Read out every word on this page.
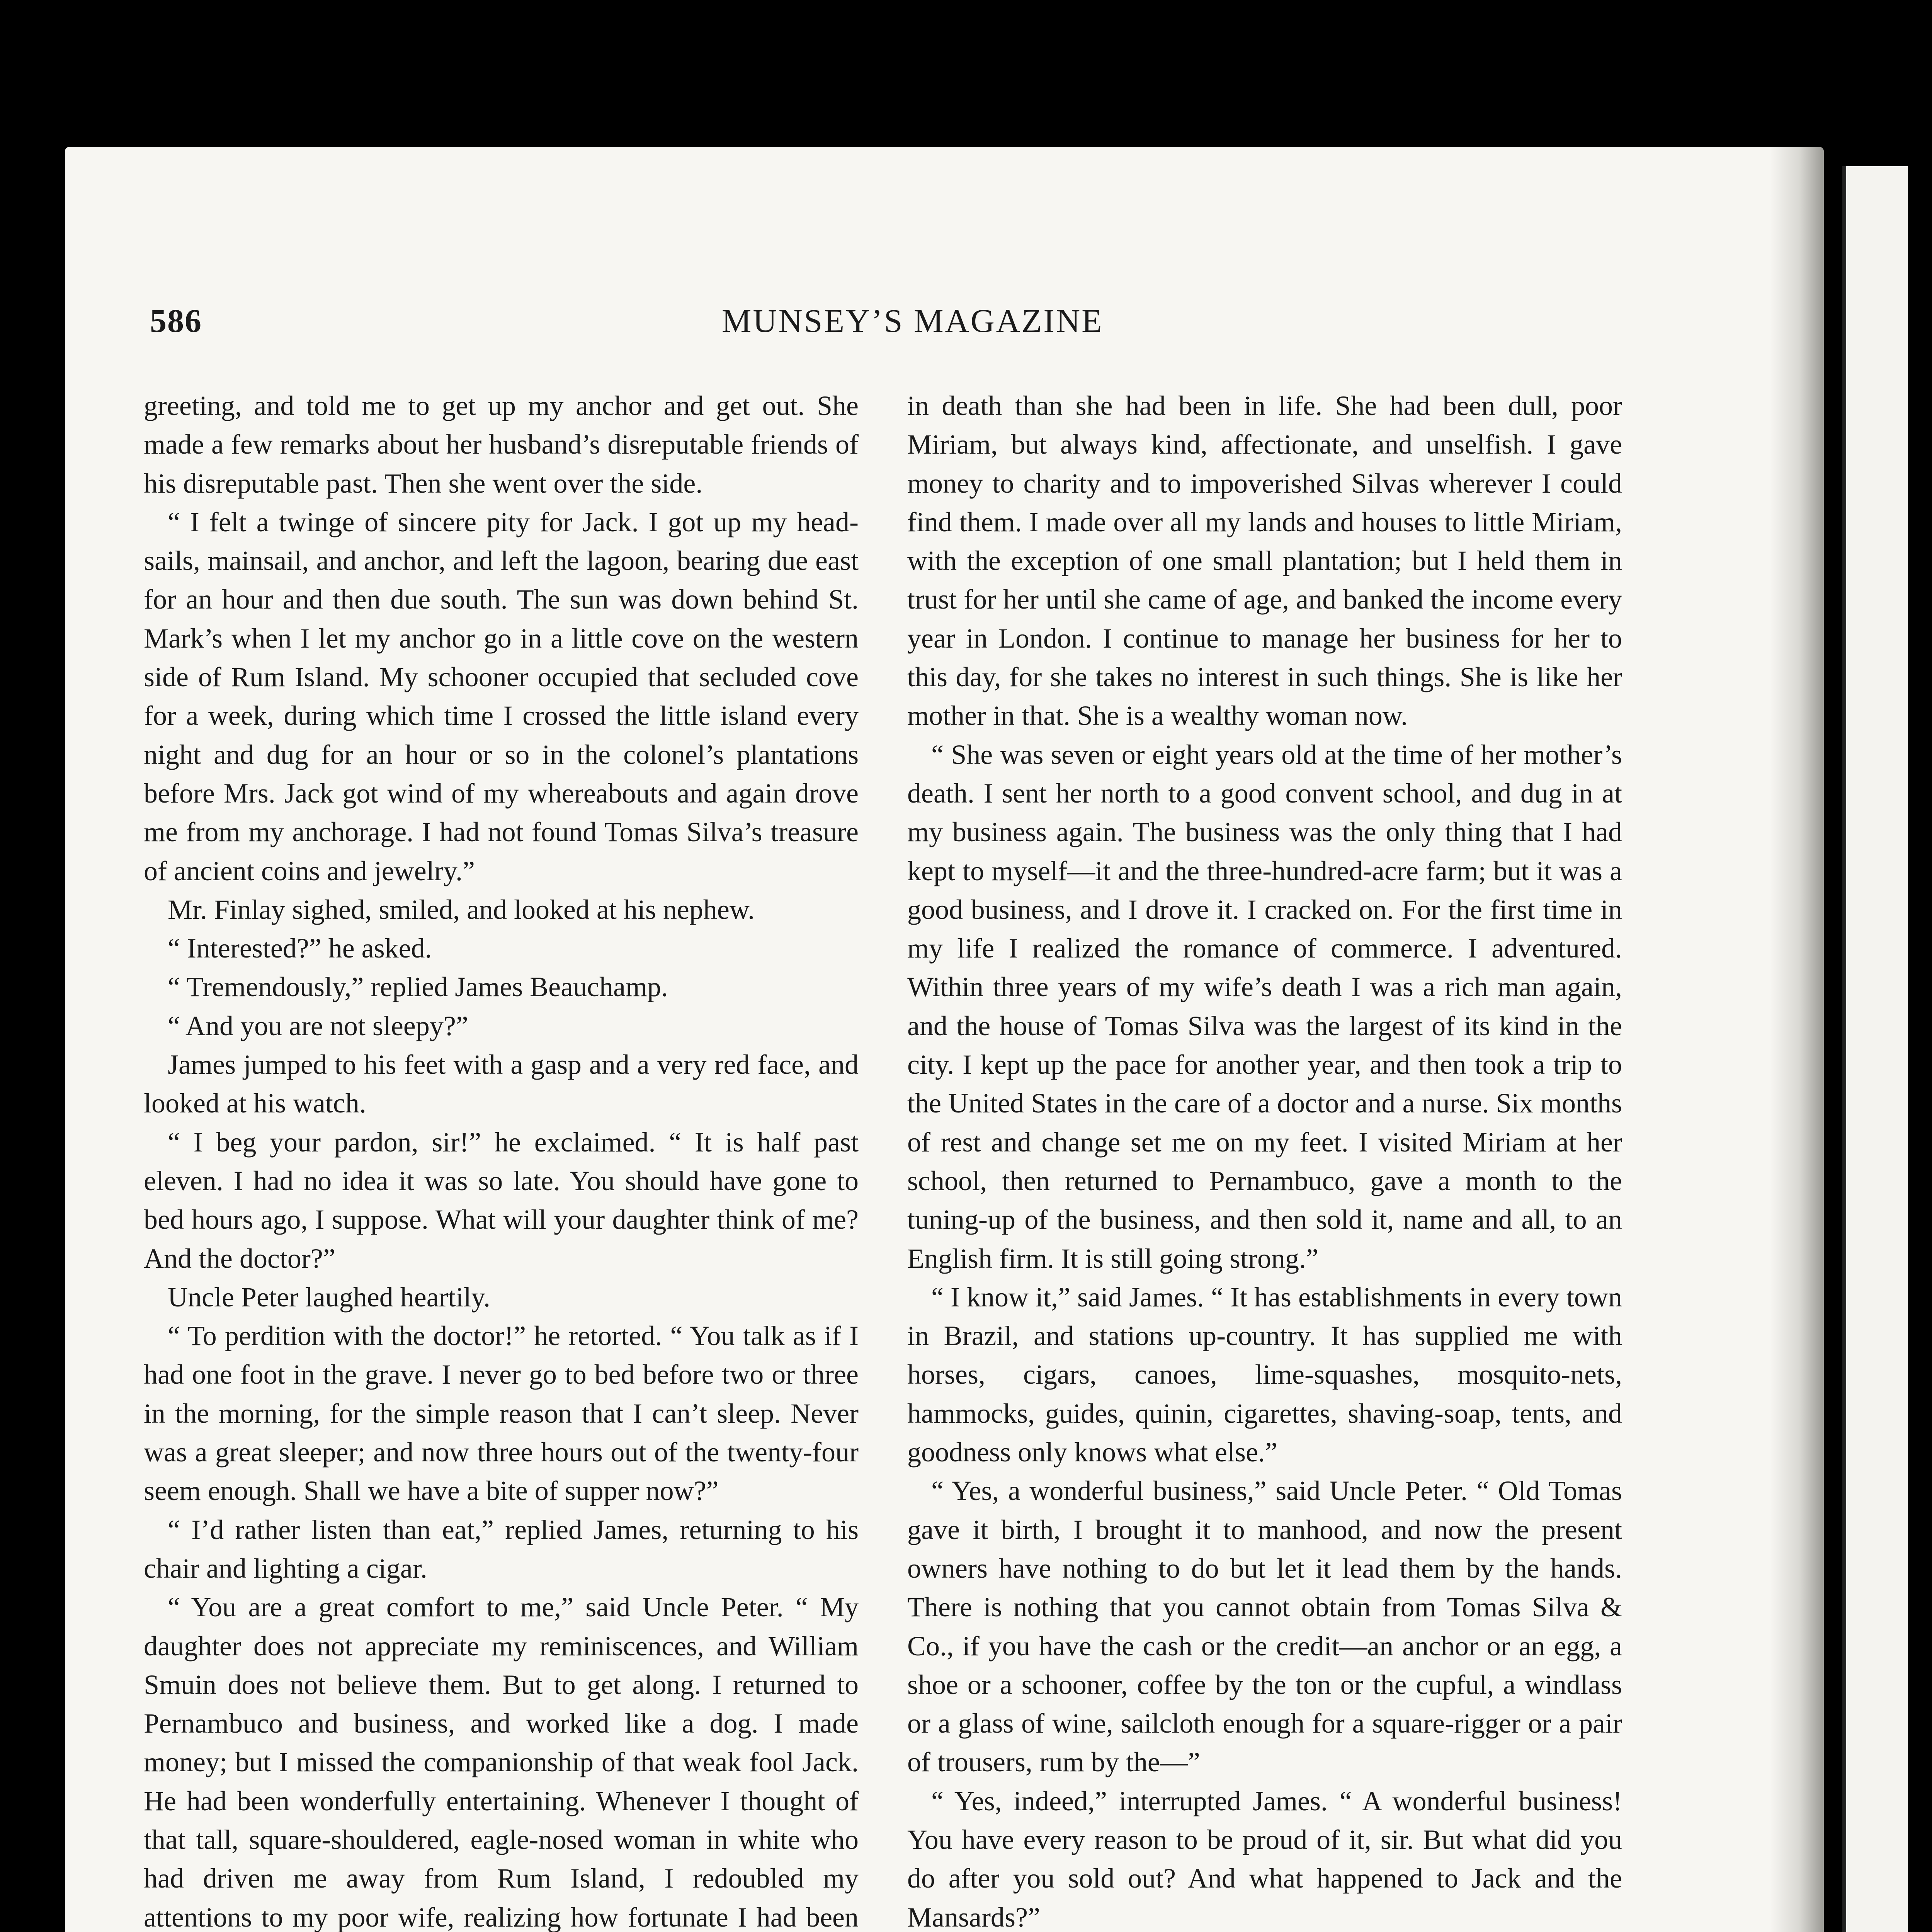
586	MUNSEY’S MAGAZINE

greeting, and told me to get up my anchor and get out. She made a few remarks about her husband’s disreputable friends of his disreputable past. Then she went over the side.

“ I felt a twinge of sincere pity for Jack. I got up my head-sails, mainsail, and anchor, and left the lagoon, bearing due east for an hour and then due south. The sun was down behind St. Mark’s when I let my anchor go in a little cove on the western side of Rum Island. My schooner occupied that secluded cove for a week, during which time I crossed the little island every night and dug for an hour or so in the colonel’s plantations before Mrs. Jack got wind of my whereabouts and again drove me from my anchorage. I had not found Tomas Silva’s treasure of ancient coins and jewelry.”

Mr. Finlay sighed, smiled, and looked at his nephew.

“ Interested?” he asked.

“ Tremendously,” replied James Beauchamp.

“ And you are not sleepy?”

James jumped to his feet with a gasp and a very red face, and looked at his watch.

“ I beg your pardon, sir!” he exclaimed. “ It is half past eleven. I had no idea it was so late. You should have gone to bed hours ago, I suppose. What will your daughter think of me? And the doctor?”

Uncle Peter laughed heartily.

“ To perdition with the doctor!” he retorted. “ You talk as if I had one foot in the grave. I never go to bed before two or three in the morning, for the simple reason that I can’t sleep. Never was a great sleeper; and now three hours out of the twenty-four seem enough. Shall we have a bite of supper now?”

“ I’d rather listen than eat,” replied James, returning to his chair and lighting a cigar.

“ You are a great comfort to me,” said Uncle Peter. “ My daughter does not appreciate my reminiscences, and William Smuin does not believe them. But to get along. I returned to Pernambuco and business, and worked like a dog. I made money; but I missed the companionship of that weak fool Jack. He had been wonderfully entertaining. Whenever I thought of that tall, square-shouldered, eagle-nosed woman in white who had driven me away from Rum Island, I redoubled my attentions to my poor wife, realizing how fortunate I had been

in death than she had been in life. She had been dull, poor Miriam, but always kind, affectionate, and unselfish. I gave money to charity and to impoverished Silvas wherever I could find them. I made over all my lands and houses to little Miriam, with the exception of one small plantation; but I held them in trust for her until she came of age, and banked the income every year in London. I continue to manage her business for her to this day, for she takes no interest in such things. She is like her mother in that. She is a wealthy woman now.

“ She was seven or eight years old at the time of her mother’s death. I sent her north to a good convent school, and dug in at my business again. The business was the only thing that I had kept to myself—it and the three-hundred-acre farm; but it was a good business, and I drove it. I cracked on. For the first time in my life I realized the romance of commerce. I adventured. Within three years of my wife’s death I was a rich man again, and the house of Tomas Silva was the largest of its kind in the city. I kept up the pace for another year, and then took a trip to the United States in the care of a doctor and a nurse. Six months of rest and change set me on my feet. I visited Miriam at her school, then returned to Pernambuco, gave a month to the tuning-up of the business, and then sold it, name and all, to an English firm. It is still going strong.”

“ I know it,” said James. “ It has establishments in every town in Brazil, and stations up-country. It has supplied me with horses, cigars, canoes, lime-squashes, mosquito-nets, hammocks, guides, quinin, cigarettes, shaving-soap, tents, and goodness only knows what else.”

“ Yes, a wonderful business,” said Uncle Peter. “ Old Tomas gave it birth, I brought it to manhood, and now the present owners have nothing to do but let it lead them by the hands. There is nothing that you cannot obtain from Tomas Silva & Co., if you have the cash or the credit—an anchor or an egg, a shoe or a schooner, coffee by the ton or the cupful, a windlass or a glass of wine, sailcloth enough for a square-rigger or a pair of trousers, rum by the—”

“ Yes, indeed,” interrupted James. “ A wonderful business! You have every reason to be proud of it, sir. But what did you do after you sold out? And what happened to Jack and the Mansards?”
